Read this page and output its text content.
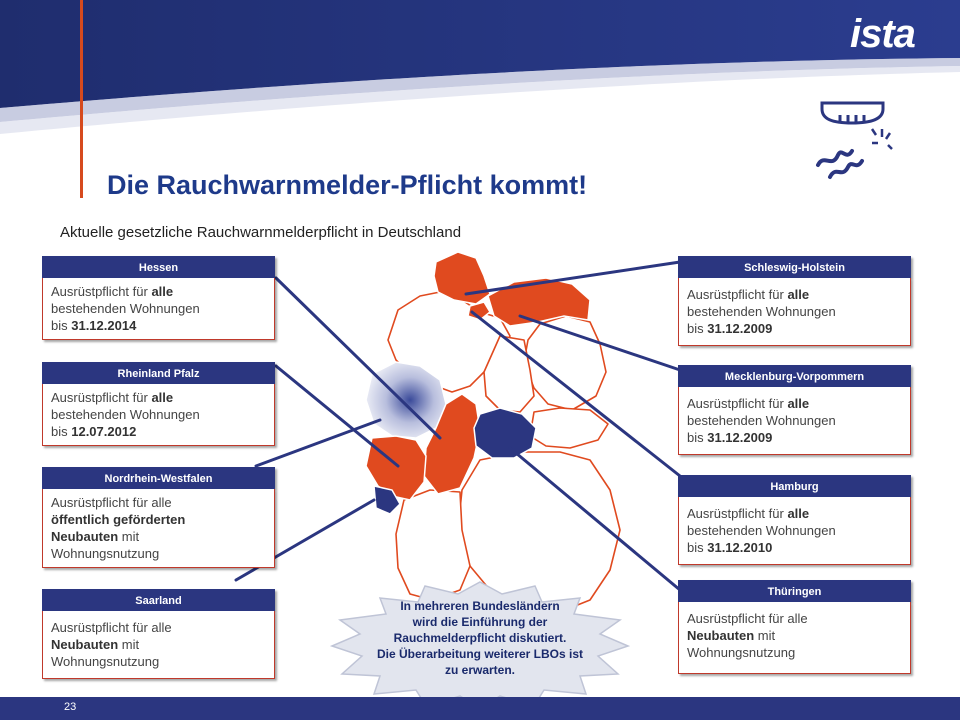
ista
Die Rauchwarnmelder-Pflicht kommt!
Aktuelle gesetzliche Rauchwarnmelderpflicht in Deutschland
Hessen
Ausrüstpflicht für alle
bestehenden Wohnungen
bis 31.12.2014
Rheinland Pfalz
Ausrüstpflicht für alle
bestehenden Wohnungen
bis 12.07.2012
Nordrhein-Westfalen
Ausrüstpflicht für alle
öffentlich geförderten
Neubauten mit
Wohnungsnutzung
Saarland
Ausrüstpflicht für alle
Neubauten mit
Wohnungsnutzung
Schleswig-Holstein
Ausrüstpflicht für alle
bestehenden Wohnungen
bis 31.12.2009
Mecklenburg-Vorpommern
Ausrüstpflicht für alle
bestehenden Wohnungen
bis 31.12.2009
Hamburg
Ausrüstpflicht für alle
bestehenden Wohnungen
bis 31.12.2010
Thüringen
Ausrüstpflicht für alle
Neubauten mit
Wohnungsnutzung
In mehreren Bundesländern
wird die Einführung der
Rauchmelderpflicht diskutiert.
Die Überarbeitung weiterer LBOs ist
zu erwarten.
23
